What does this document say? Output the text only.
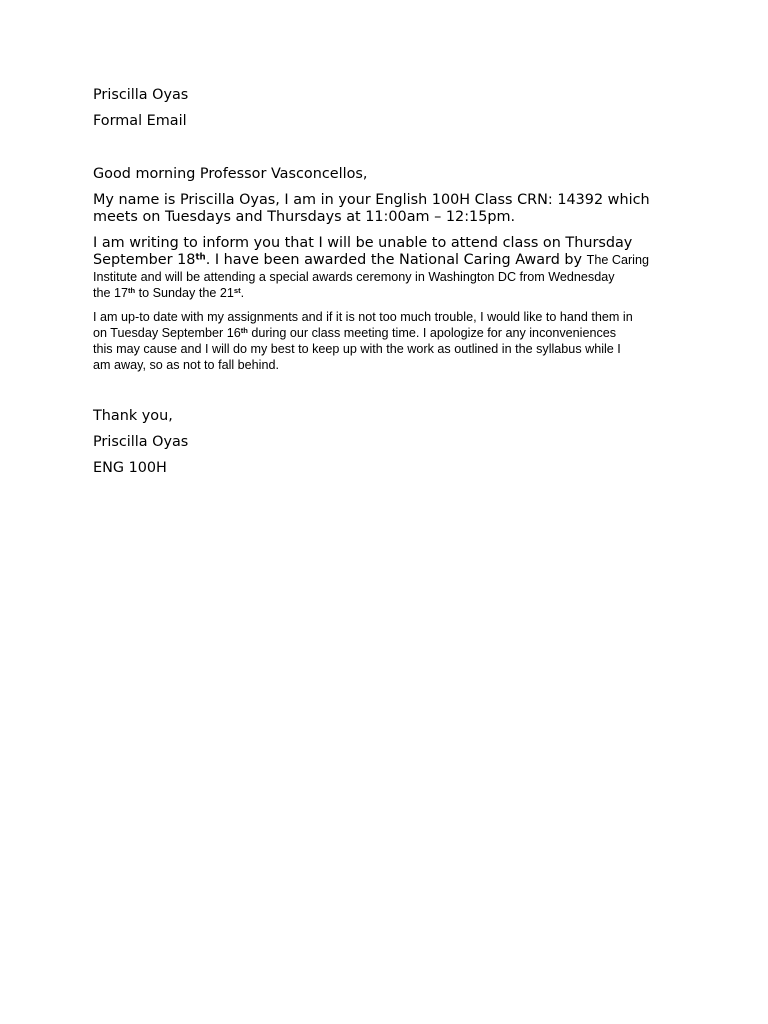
Priscilla Oyas

Formal Email

Good morning Professor Vasconcellos,

My name is Priscilla Oyas, I am in your English 100H Class CRN: 14392 which
meets on Tuesdays and Thursdays at 11:00am – 12:15pm.
I am writing to inform you that I will be unable to attend class on Thursday
September 18th. I have been awarded the National Caring Award by The Caring
Institute and will be attending a special awards ceremony in Washington DC from Wednesday
the 17th to Sunday the 21st.
I am up-to date with my assignments and if it is not too much trouble, I would like to hand them in
on Tuesday September 16th during our class meeting time. I apologize for any inconveniences
this may cause and I will do my best to keep up with the work as outlined in the syllabus while I
am away, so as not to fall behind.

Thank you,

Priscilla Oyas

ENG 100H
